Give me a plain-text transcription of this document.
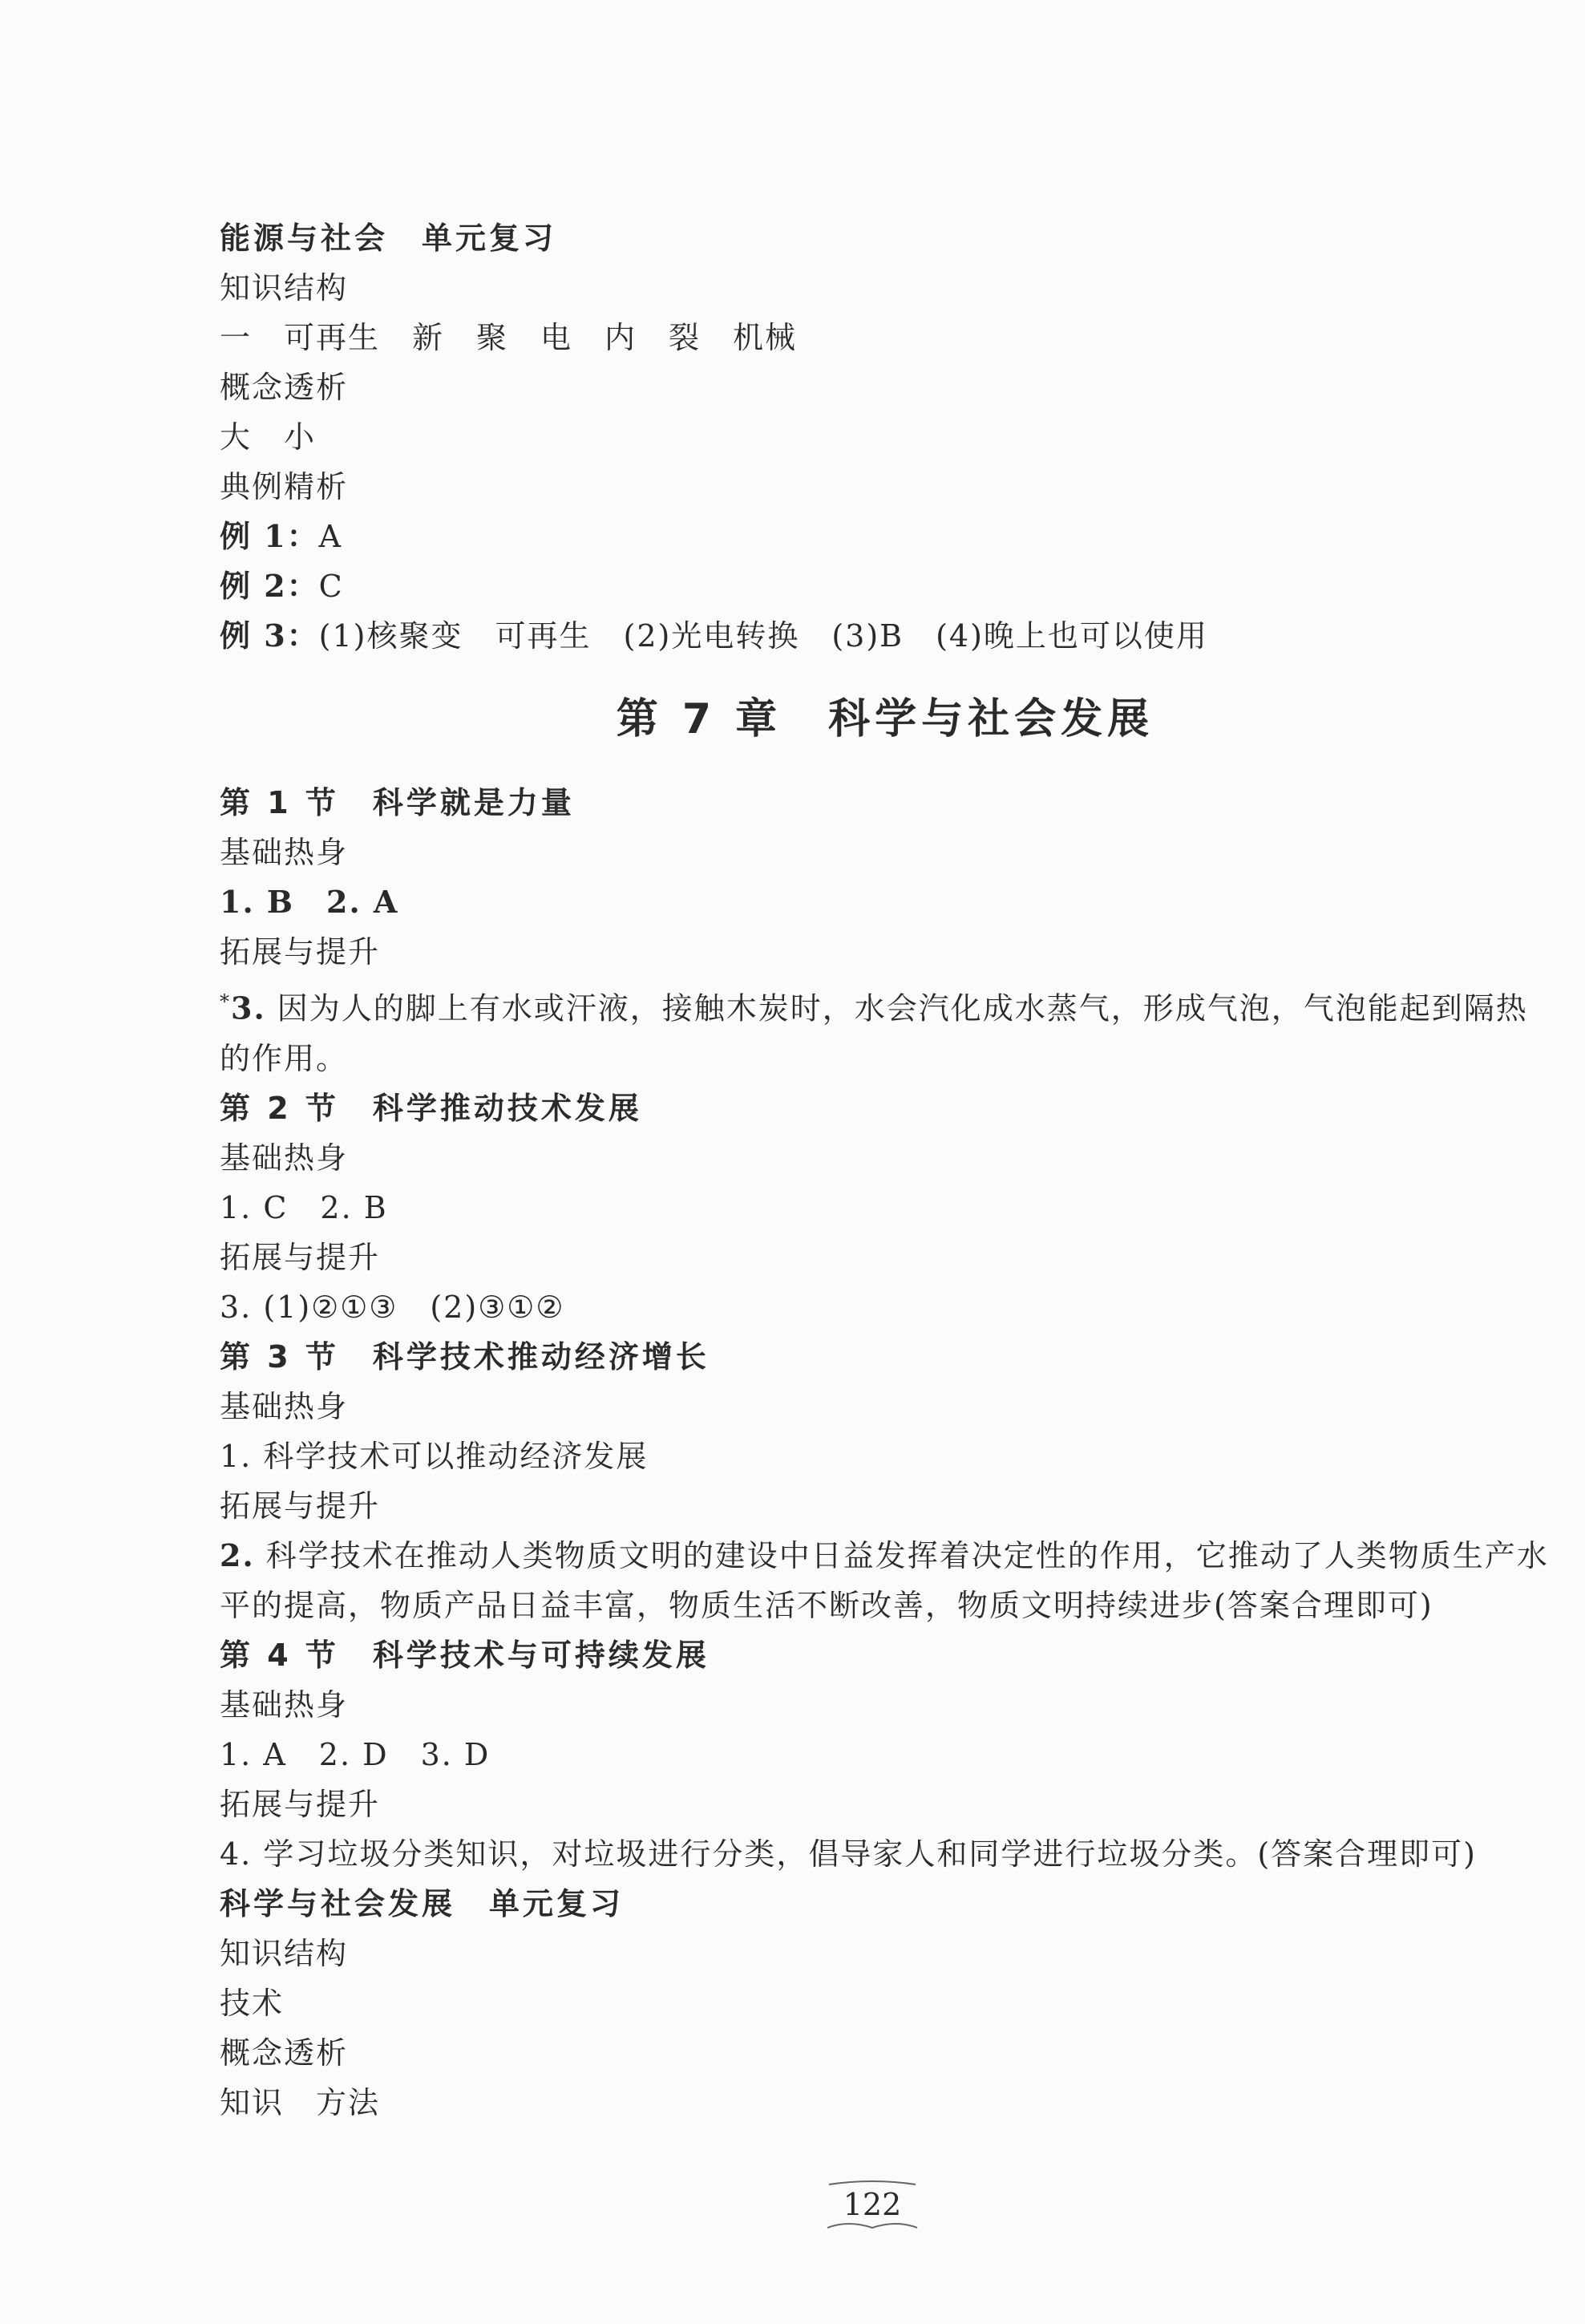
能源与社会　单元复习
知识结构
一　可再生　新　聚　电　内　裂　机械
概念透析
大　小
典例精析
例 1：A
例 2：C
例 3：(1)核聚变　可再生　(2)光电转换　(3)B　(4)晚上也可以使用
第 7 章　科学与社会发展
第 1 节　科学就是力量
基础热身
1. B　2. A
拓展与提升
*3. 因为人的脚上有水或汗液，接触木炭时，水会汽化成水蒸气，形成气泡，气泡能起到隔热的作用。
第 2 节　科学推动技术发展
基础热身
1. C　2. B
拓展与提升
3. (1)②①③　(2)③①②
第 3 节　科学技术推动经济增长
基础热身
1. 科学技术可以推动经济发展
拓展与提升
2. 科学技术在推动人类物质文明的建设中日益发挥着决定性的作用，它推动了人类物质生产水平的提高，物质产品日益丰富，物质生活不断改善，物质文明持续进步(答案合理即可)
第 4 节　科学技术与可持续发展
基础热身
1. A　2. D　3. D
拓展与提升
4. 学习垃圾分类知识，对垃圾进行分类，倡导家人和同学进行垃圾分类。(答案合理即可)
科学与社会发展　单元复习
知识结构
技术
概念透析
知识　方法
122
